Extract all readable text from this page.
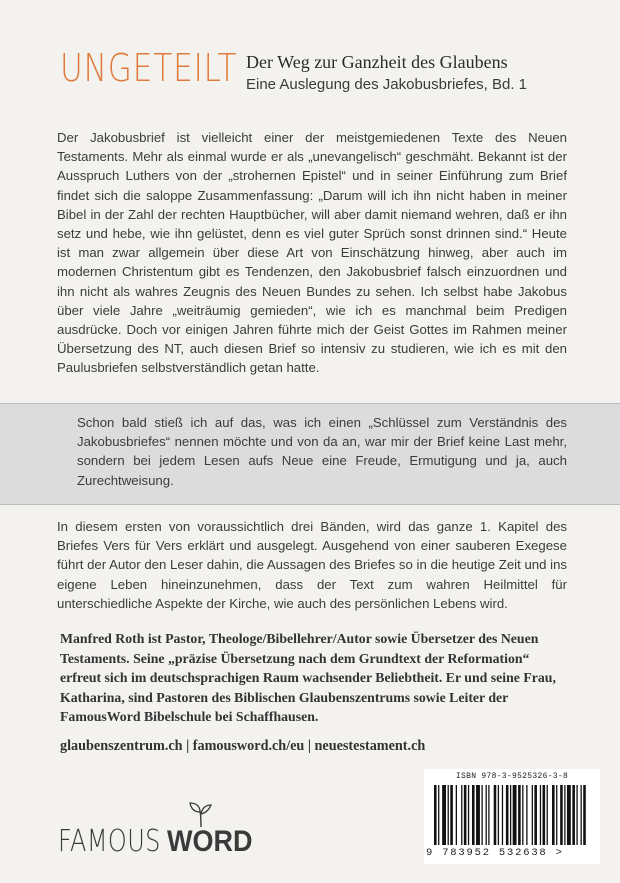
UNGETEILT Der Weg zur Ganzheit des Glaubens
Eine Auslegung des Jakobusbriefes, Bd. 1

Der Jakobusbrief ist vielleicht einer der meistgemiedenen Texte des Neuen Testaments. Mehr als einmal wurde er als „unevangelisch“ geschmäht. Bekannt ist der Ausspruch Luthers von der „strohernen Epistel“ und in seiner Einführung zum Brief findet sich die saloppe Zusammenfassung: „Darum will ich ihn nicht haben in meiner Bibel in der Zahl der rechten Hauptbücher, will aber damit niemand wehren, daß er ihn setz und hebe, wie ihn gelüstet, denn es viel guter Sprüch sonst drinnen sind.“ Heute ist man zwar allgemein über diese Art von Einschätzung hinweg, aber auch im modernen Christentum gibt es Tendenzen, den Jakobusbrief falsch einzuordnen und ihn nicht als wahres Zeugnis des Neuen Bundes zu sehen. Ich selbst habe Jakobus über viele Jahre „weiträumig gemieden“, wie ich es manchmal beim Predigen ausdrücke. Doch vor einigen Jahren führte mich der Geist Gottes im Rahmen meiner Übersetzung des NT, auch diesen Brief so intensiv zu studieren, wie ich es mit den Paulusbriefen selbstverständlich getan hatte.

Schon bald stieß ich auf das, was ich einen „Schlüssel zum Verständnis des Jakobusbriefes“ nennen möchte und von da an, war mir der Brief keine Last mehr, sondern bei jedem Lesen aufs Neue eine Freude, Ermutigung und ja, auch Zurechtweisung.

In diesem ersten von voraussichtlich drei Bänden, wird das ganze 1. Kapitel des Briefes Vers für Vers erklärt und ausgelegt. Ausgehend von einer sauberen Exegese führt der Autor den Leser dahin, die Aussagen des Briefes so in die heutige Zeit und ins eigene Leben hineinzunehmen, dass der Text zum wahren Heilmittel für unterschiedliche Aspekte der Kirche, wie auch des persönlichen Lebens wird.

Manfred Roth ist Pastor, Theologe/Bibellehrer/Autor sowie Übersetzer des Neuen Testaments. Seine „präzise Übersetzung nach dem Grundtext der Reformation“ erfreut sich im deutschsprachigen Raum wachsender Beliebtheit. Er und seine Frau, Katharina, sind Pastoren des Biblischen Glaubenszentrums sowie Leiter der FamousWord Bibelschule bei Schaffhausen.

glaubenszentrum.ch | famousword.ch/eu | neuestestament.ch
FAMOUS WORD
ISBN 978-3-9525326-3-8
9 783952 532638 >
